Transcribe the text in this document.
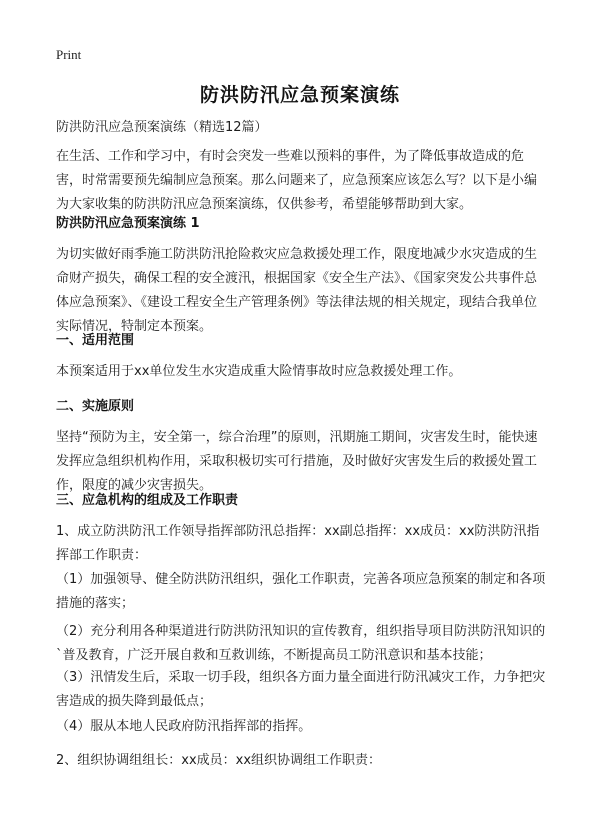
Print
防洪防汛应急预案演练
防洪防汛应急预案演练（精选12篇）
在生活、工作和学习中，有时会突发一些难以预料的事件，为了降低事故造成的危害，时常需要预先编制应急预案。那么问题来了，应急预案应该怎么写？以下是小编为大家收集的防洪防汛应急预案演练，仅供参考，希望能够帮助到大家。
防洪防汛应急预案演练 1
为切实做好雨季施工防洪防汛抢险救灾应急救援处理工作，限度地减少水灾造成的生命财产损失，确保工程的安全渡汛，根据国家《安全生产法》、《国家突发公共事件总体应急预案》、《建设工程安全生产管理条例》等法律法规的相关规定，现结合我单位实际情况，特制定本预案。
一、适用范围
本预案适用于xx单位发生水灾造成重大险情事故时应急救援处理工作。
二、实施原则
坚持“预防为主，安全第一，综合治理”的原则，汛期施工期间，灾害发生时，能快速发挥应急组织机构作用，采取积极切实可行措施，及时做好灾害发生后的救援处置工作，限度的减少灾害损失。
三、应急机构的组成及工作职责
1、成立防洪防汛工作领导指挥部防汛总指挥：xx副总指挥：xx成员：xx防洪防汛指挥部工作职责：
（1）加强领导、健全防洪防汛组织，强化工作职责，完善各项应急预案的制定和各项措施的落实；
（2）充分利用各种渠道进行防洪防汛知识的宣传教育，组织指导项目防洪防汛知识的`普及教育，广泛开展自救和互救训练，不断提高员工防汛意识和基本技能；
（3）汛情发生后，采取一切手段，组织各方面力量全面进行防汛减灾工作，力争把灾害造成的损失降到最低点；
（4）服从本地人民政府防汛指挥部的指挥。
2、组织协调组组长：xx成员：xx组织协调组工作职责：
